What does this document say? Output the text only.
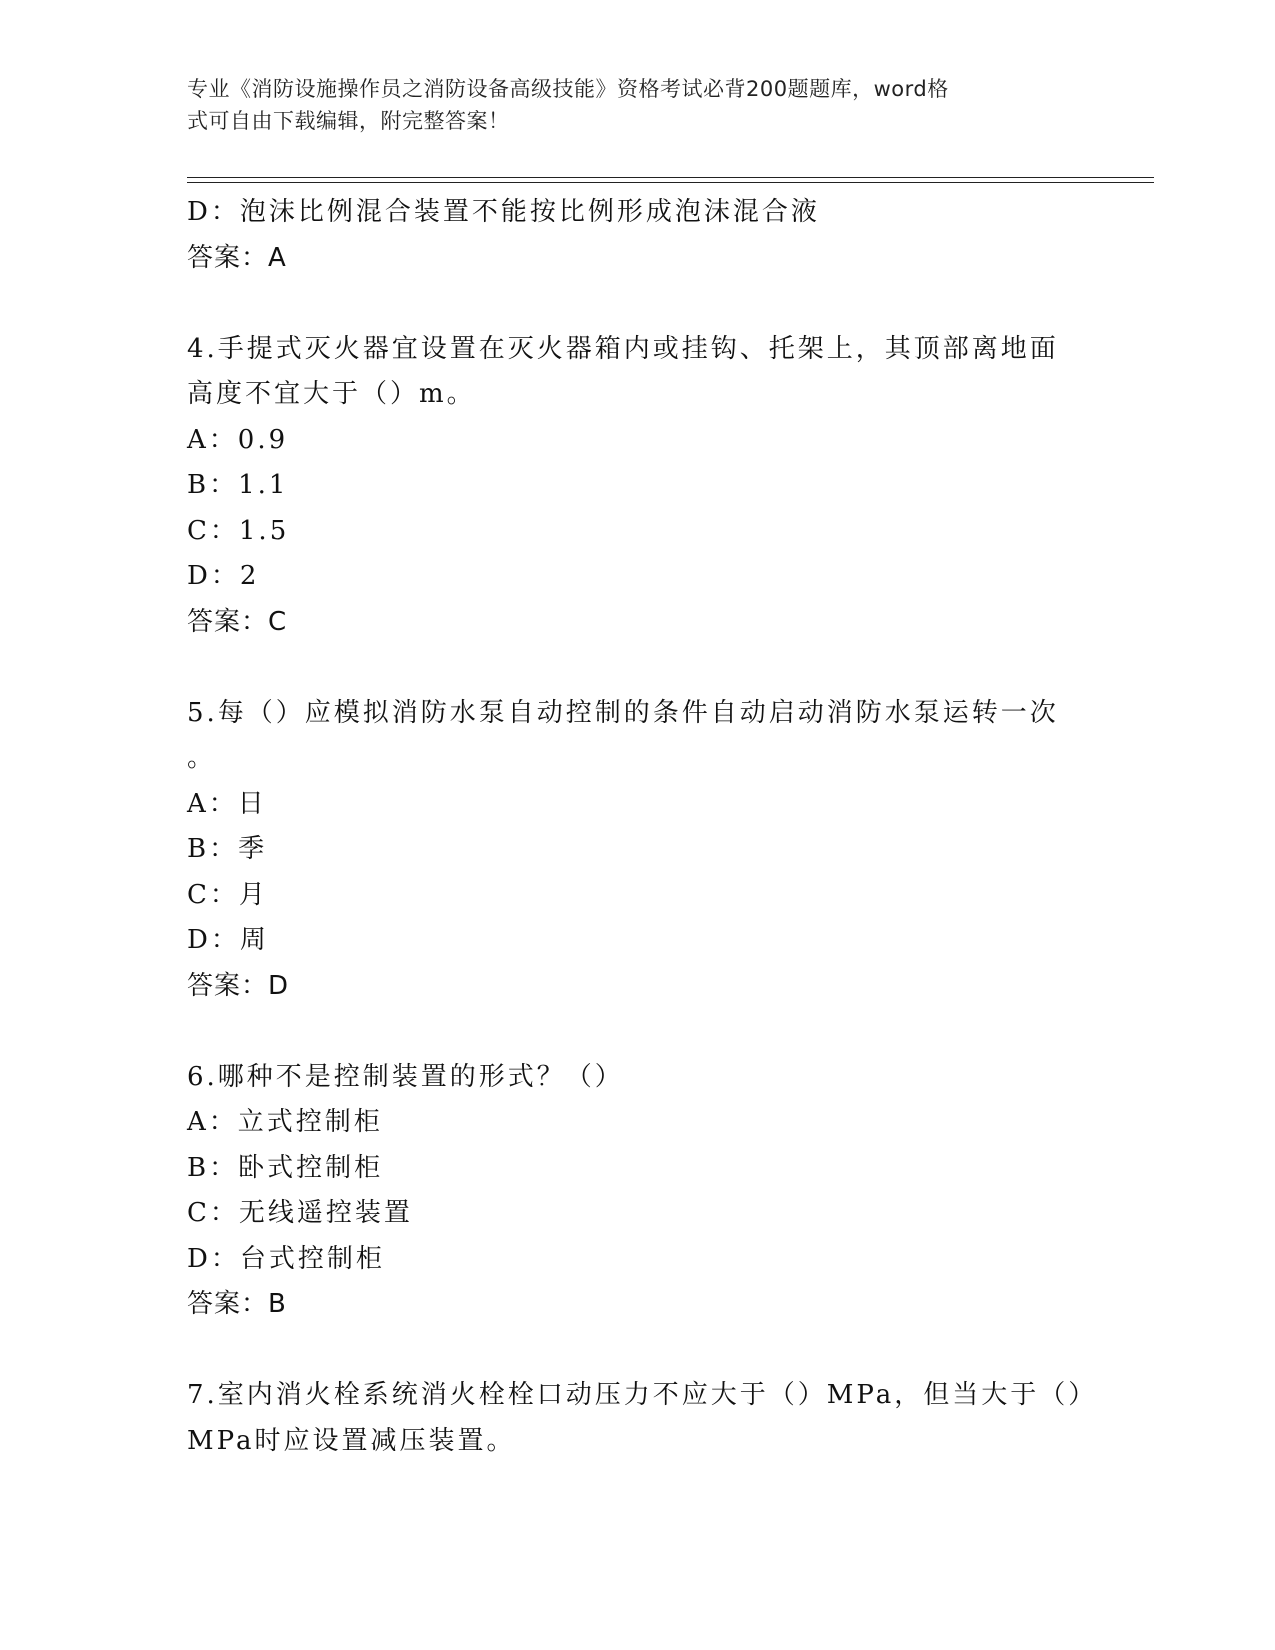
专业《消防设施操作员之消防设备高级技能》资格考试必背200题题库，word格
式可自由下载编辑，附完整答案！
D：泡沫比例混合装置不能按比例形成泡沫混合液
答案：A
4.手提式灭火器宜设置在灭火器箱内或挂钩、托架上，其顶部离地面
高度不宜大于（）m。
A：0.9
B：1.1
C：1.5
D：2
答案：C
5.每（）应模拟消防水泵自动控制的条件自动启动消防水泵运转一次
。
A：日
B：季
C：月
D：周
答案：D
6.哪种不是控制装置的形式？（）
A：立式控制柜
B：卧式控制柜
C：无线遥控装置
D：台式控制柜
答案：B
7.室内消火栓系统消火栓栓口动压力不应大于（）MPa，但当大于（）
MPa时应设置减压装置。
